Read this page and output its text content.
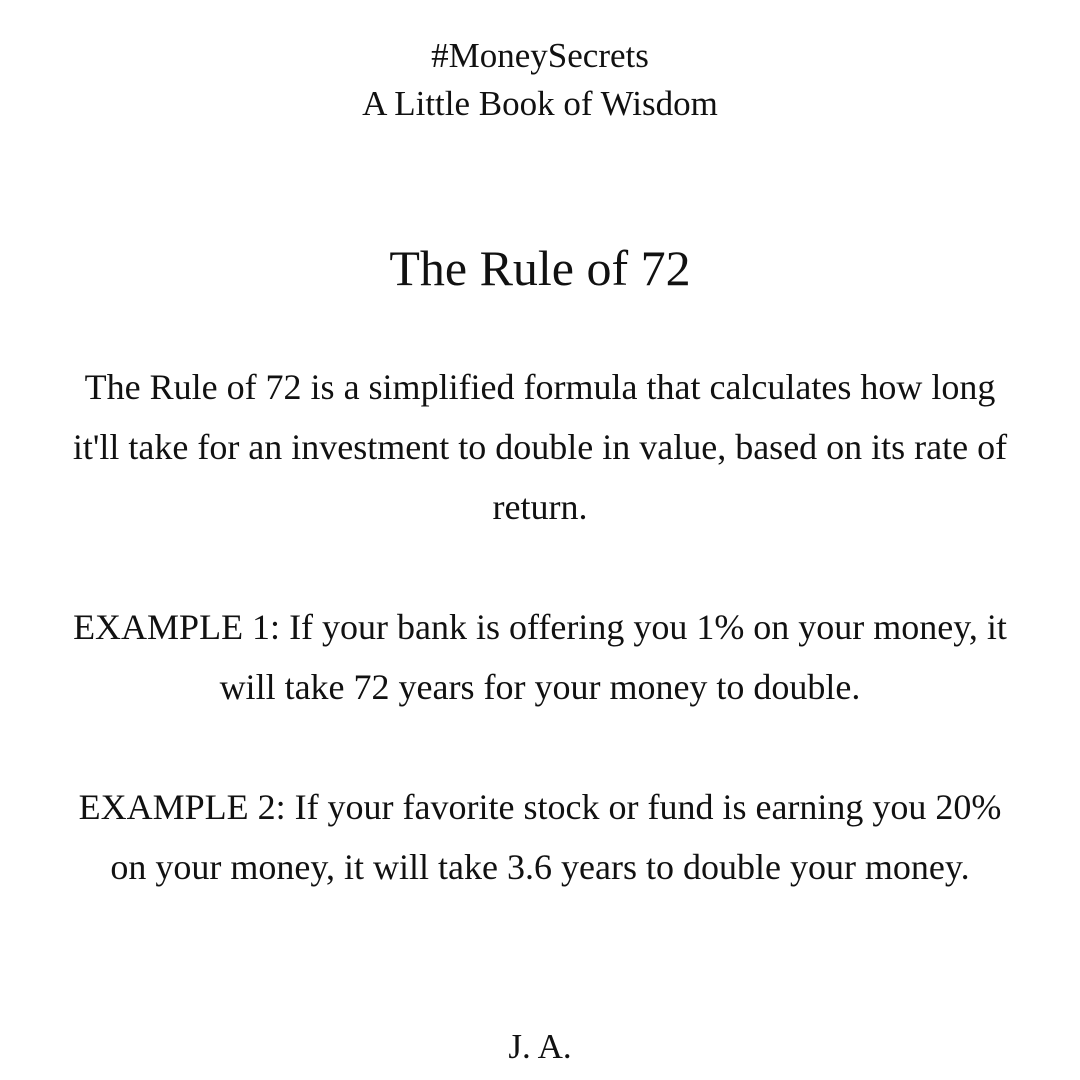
#MoneySecrets
A Little Book of Wisdom
The Rule of 72
The Rule of 72 is a simplified formula that calculates how long it'll take for an investment to double in value, based on its rate of return.
EXAMPLE 1: If your bank is offering you 1% on your money, it will take 72 years for your money to double.
EXAMPLE 2: If your favorite stock or fund is earning you 20% on your money, it will take 3.6 years to double your money.
J. A.
